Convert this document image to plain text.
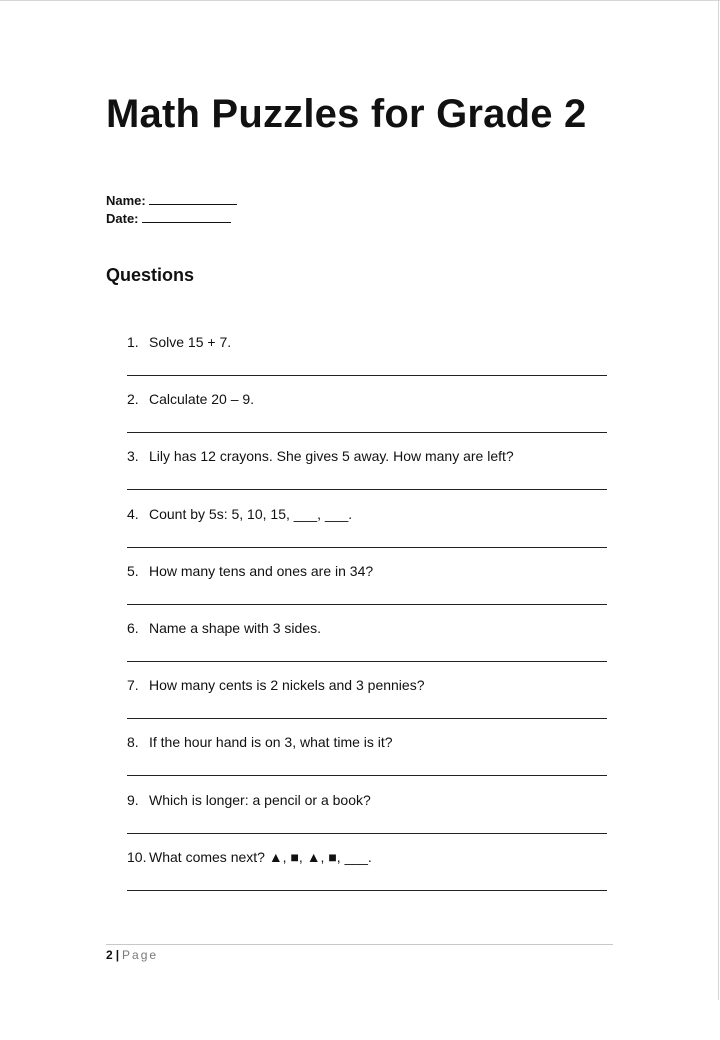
Math Puzzles for Grade 2
Name:
Date:
Questions
1. Solve 15 + 7.
2. Calculate 20 – 9.
3. Lily has 12 crayons. She gives 5 away. How many are left?
4. Count by 5s: 5, 10, 15, ___, ___.
5. How many tens and ones are in 34?
6. Name a shape with 3 sides.
7. How many cents is 2 nickels and 3 pennies?
8. If the hour hand is on 3, what time is it?
9. Which is longer: a pencil or a book?
10. What comes next? ▲, ■, ▲, ■, ___.
2 | Page
